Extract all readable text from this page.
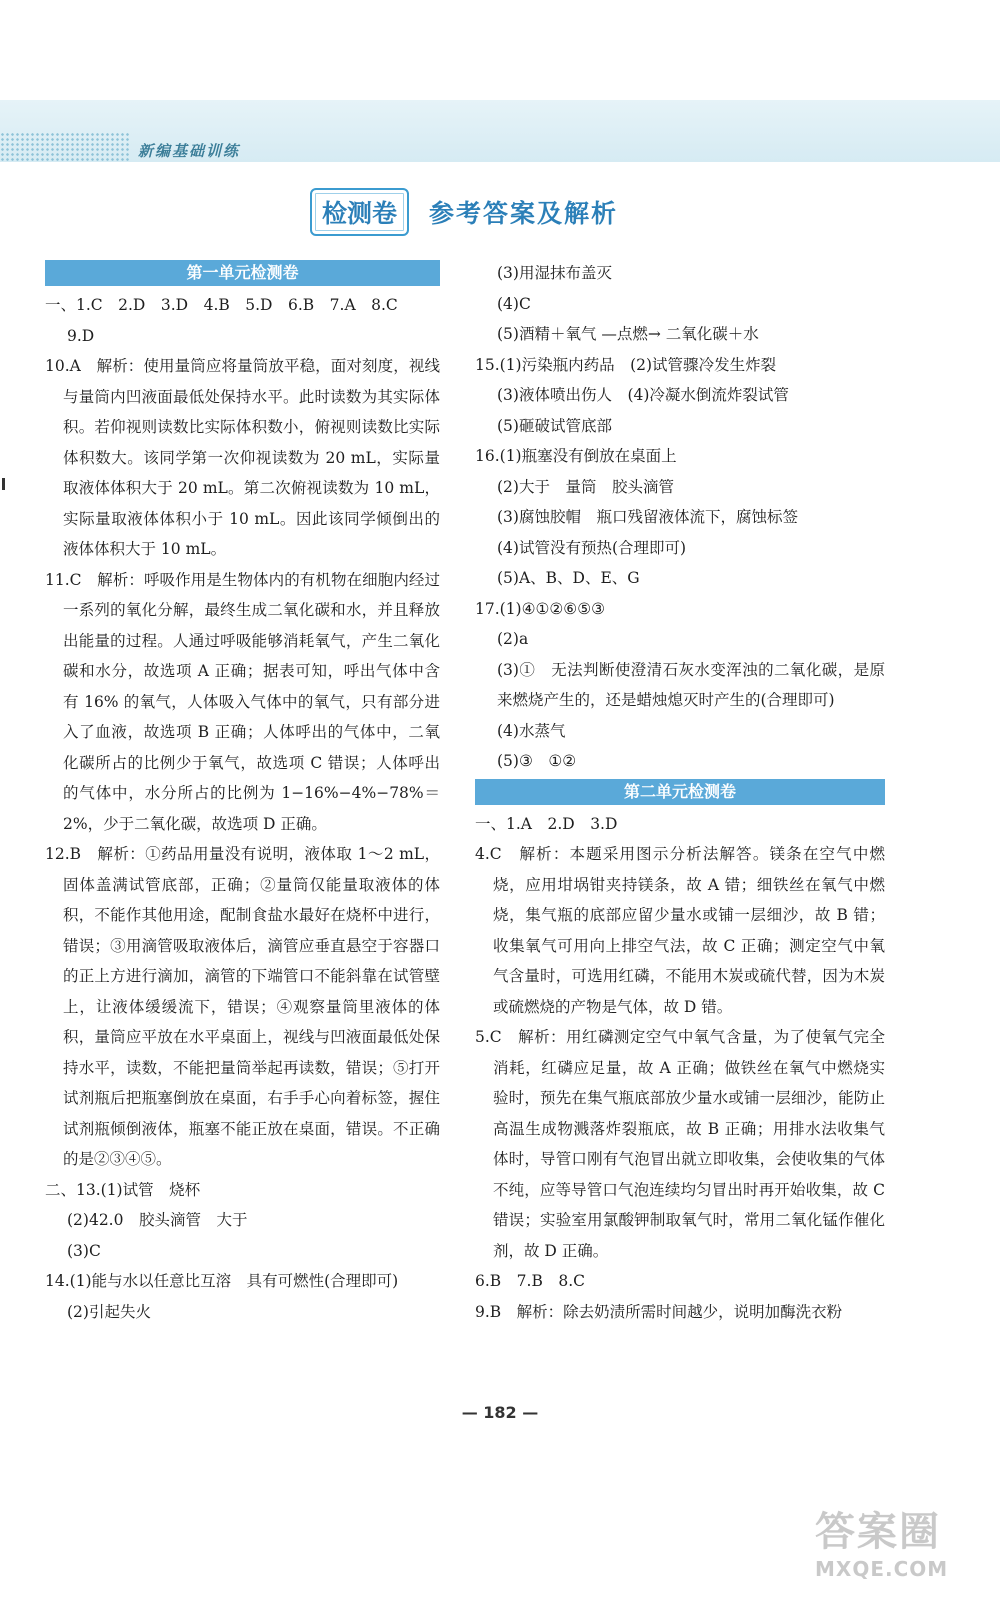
新编基础训练
检测卷	参考答案及解析
第一单元检测卷
一、1.C　2.D　3.D　4.B　5.D　6.B　7.A　8.C
9.D
10.A　解析：使用量筒应将量筒放平稳，面对刻度，视线与量筒内凹液面最低处保持水平。此时读数为其实际体积。若仰视则读数比实际体积数小，俯视则读数比实际体积数大。该同学第一次仰视读数为 20 mL，实际量取液体体积大于 20 mL。第二次俯视读数为 10 mL，实际量取液体体积小于 10 mL。因此该同学倾倒出的液体体积大于 10 mL。
11.C　解析：呼吸作用是生物体内的有机物在细胞内经过一系列的氧化分解，最终生成二氧化碳和水，并且释放出能量的过程。人通过呼吸能够消耗氧气，产生二氧化碳和水分，故选项 A 正确；据表可知，呼出气体中含有 16% 的氧气，人体吸入气体中的氧气，只有部分进入了血液，故选项 B 正确；人体呼出的气体中，二氧化碳所占的比例少于氧气，故选项 C 错误；人体呼出的气体中，水分所占的比例为 1−16%−4%−78%＝2%，少于二氧化碳，故选项 D 正确。
12.B　解析：①药品用量没有说明，液体取 1～2 mL，固体盖满试管底部，正确；②量筒仅能量取液体的体积，不能作其他用途，配制食盐水最好在烧杯中进行，错误；③用滴管吸取液体后，滴管应垂直悬空于容器口的正上方进行滴加，滴管的下端管口不能斜靠在试管壁上，让液体缓缓流下，错误；④观察量筒里液体的体积，量筒应平放在水平桌面上，视线与凹液面最低处保持水平，读数，不能把量筒举起再读数，错误；⑤打开试剂瓶后把瓶塞倒放在桌面，右手手心向着标签，握住试剂瓶倾倒液体，瓶塞不能正放在桌面，错误。不正确的是②③④⑤。
二、13.(1)试管　烧杯
(2)42.0　胶头滴管　大于
(3)C
14.(1)能与水以任意比互溶　具有可燃性(合理即可)
(2)引起失火
(3)用湿抹布盖灭
(4)C
(5)酒精＋氧气 —点燃→ 二氧化碳＋水
15.(1)污染瓶内药品　(2)试管骤冷发生炸裂
(3)液体喷出伤人　(4)冷凝水倒流炸裂试管
(5)砸破试管底部
16.(1)瓶塞没有倒放在桌面上
(2)大于　量筒　胶头滴管
(3)腐蚀胶帽　瓶口残留液体流下，腐蚀标签
(4)试管没有预热(合理即可)
(5)A、B、D、E、G
17.(1)④①②⑥⑤③
(2)a
(3)①　无法判断使澄清石灰水变浑浊的二氧化碳，是原来燃烧产生的，还是蜡烛熄灭时产生的(合理即可)
(4)水蒸气
(5)③　①②
第二单元检测卷
一、1.A　2.D　3.D
4.C　解析：本题采用图示分析法解答。镁条在空气中燃烧，应用坩埚钳夹持镁条，故 A 错；细铁丝在氧气中燃烧，集气瓶的底部应留少量水或铺一层细沙，故 B 错；收集氧气可用向上排空气法，故 C 正确；测定空气中氧气含量时，可选用红磷，不能用木炭或硫代替，因为木炭或硫燃烧的产物是气体，故 D 错。
5.C　解析：用红磷测定空气中氧气含量，为了使氧气完全消耗，红磷应足量，故 A 正确；做铁丝在氧气中燃烧实验时，预先在集气瓶底部放少量水或铺一层细沙，能防止高温生成物溅落炸裂瓶底，故 B 正确；用排水法收集气体时，导管口刚有气泡冒出就立即收集，会使收集的气体不纯，应等导管口气泡连续均匀冒出时再开始收集，故 C 错误；实验室用氯酸钾制取氧气时，常用二氧化锰作催化剂，故 D 正确。
6.B　7.B　8.C
9.B　解析：除去奶渍所需时间越少，说明加酶洗衣粉
— 182 —
答案圈
MXQE.COM
